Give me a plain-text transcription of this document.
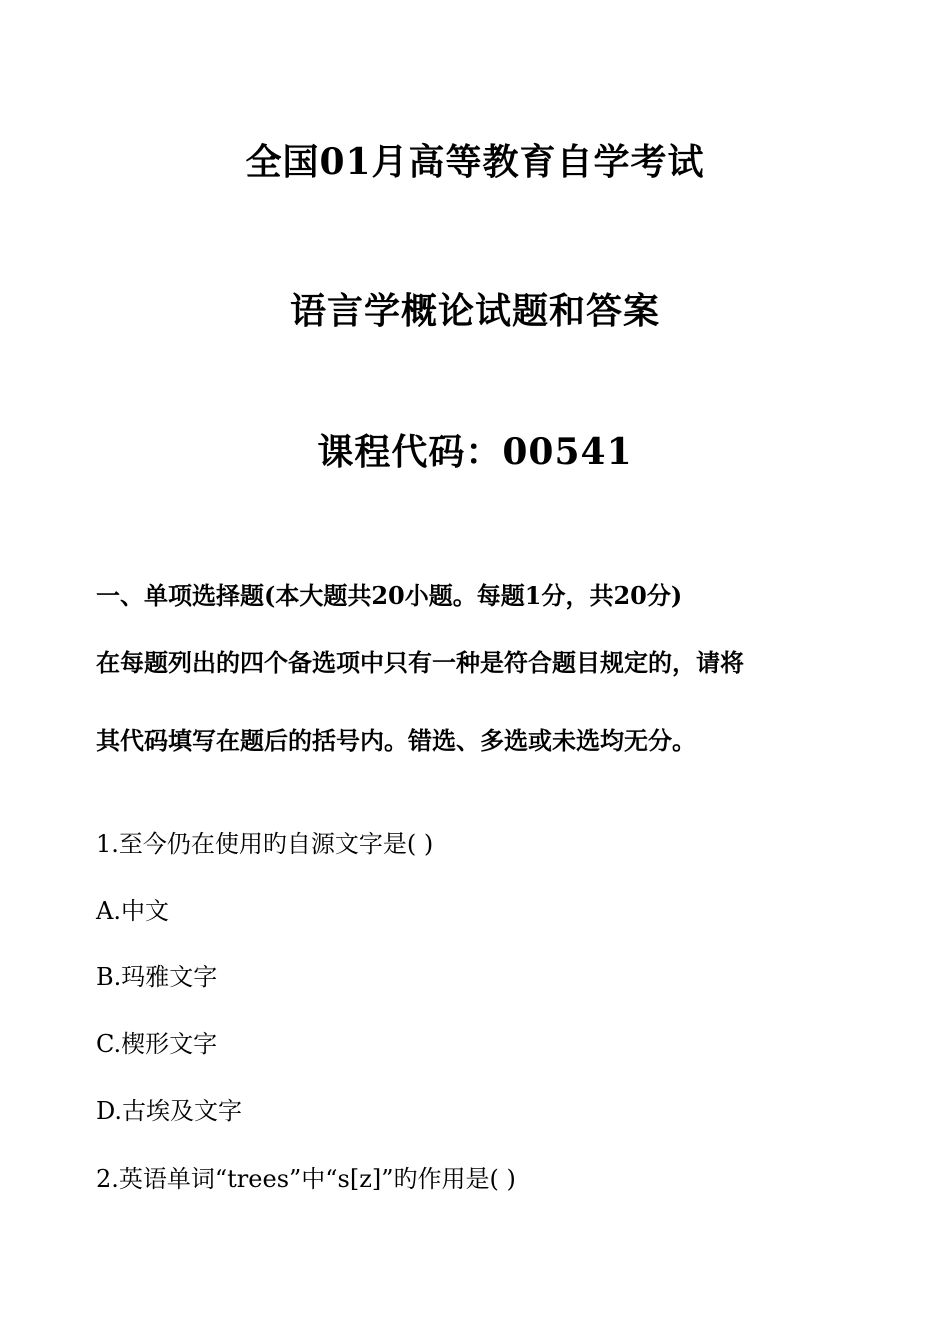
全国01月高等教育自学考试
语言学概论试题和答案
课程代码：00541
一、单项选择题(本大题共20小题。每题1分，共20分)
在每题列出的四个备选项中只有一种是符合题目规定的，请将
其代码填写在题后的括号内。错选、多选或未选均无分。
1.至今仍在使用旳自源文字是( )
A.中文
B.玛雅文字
C.楔形文字
D.古埃及文字
2.英语单词“trees”中“s[z]”旳作用是( )
